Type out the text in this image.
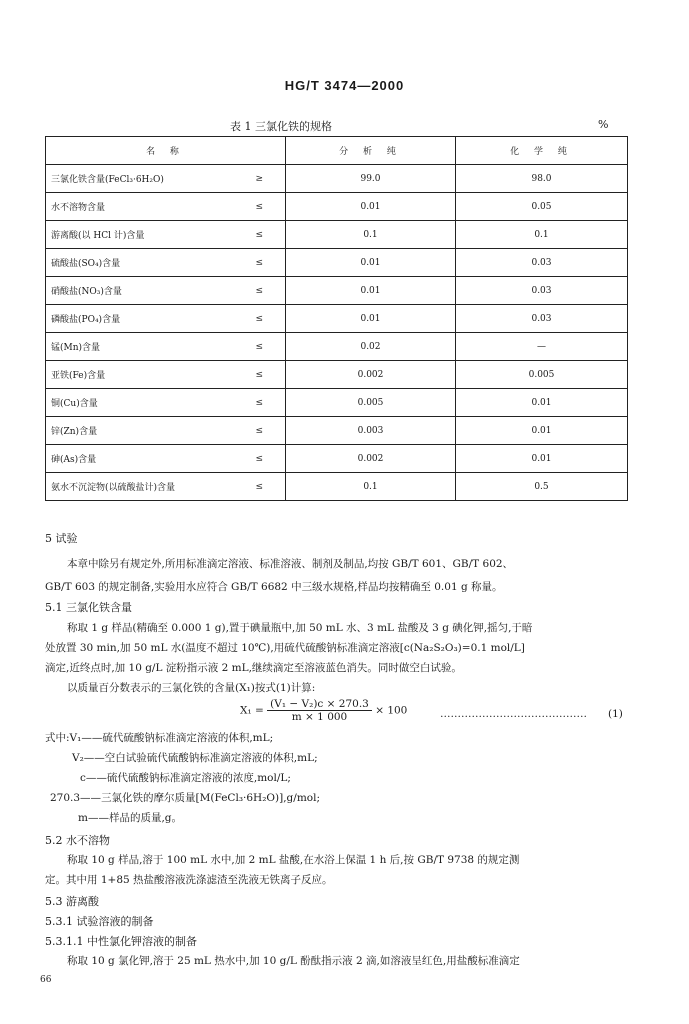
HG/T 3474—2000
表 1 三氯化铁的规格	%
名 称		分 析 纯	化 学 纯
三氯化铁含量(FeCl₃·6H₂O)	≥	99.0	98.0
水不溶物含量	≤	0.01	0.05
游离酸(以 HCl 计)含量	≤	0.1	0.1
硫酸盐(SO₄)含量	≤	0.01	0.03
硝酸盐(NO₃)含量	≤	0.01	0.03
磷酸盐(PO₄)含量	≤	0.01	0.03
锰(Mn)含量	≤	0.02	—
亚铁(Fe)含量	≤	0.002	0.005
铜(Cu)含量	≤	0.005	0.01
锌(Zn)含量	≤	0.003	0.01
砷(As)含量	≤	0.002	0.01
氨水不沉淀物(以硫酸盐计)含量	≤	0.1	0.5
5 试验
本章中除另有规定外,所用标准滴定溶液、标准溶液、制剂及制品,均按 GB/T 601、GB/T 602、
GB/T 603 的规定制备,实验用水应符合 GB/T 6682 中三级水规格,样品均按精确至 0.01 g 称量。
5.1 三氯化铁含量
称取 1 g 样品(精确至 0.000 1 g),置于碘量瓶中,加 50 mL 水、3 mL 盐酸及 3 g 碘化钾,摇匀,于暗
处放置 30 min,加 50 mL 水(温度不超过 10℃),用硫代硫酸钠标准滴定溶液[c(Na₂S₂O₃)=0.1 mol/L]
滴定,近终点时,加 10 g/L 淀粉指示液 2 mL,继续滴定至溶液蓝色消失。同时做空白试验。
以质量百分数表示的三氯化铁的含量(X₁)按式(1)计算:
$X_1 = \frac{\text{(V₁ − V₂)c × 270.3}}{m \times 1 000} \times 100$	…………………………………… (1)
式中:V₁——硫代硫酸钠标准滴定溶液的体积,mL;
V₂——空白试验硫代硫酸钠标准滴定溶液的体积,mL;
c——硫代硫酸钠标准滴定溶液的浓度,mol/L;
270.3——三氯化铁的摩尔质量[M(FeCl₃·6H₂O)],g/mol;
m——样品的质量,g。
5.2 水不溶物
称取 10 g 样品,溶于 100 mL 水中,加 2 mL 盐酸,在水浴上保温 1 h 后,按 GB/T 9738 的规定测
定。其中用 1+85 热盐酸溶液洗涤滤渣至洗液无铁离子反应。
5.3 游离酸
5.3.1 试验溶液的制备
5.3.1.1 中性氯化钾溶液的制备
称取 10 g 氯化钾,溶于 25 mL 热水中,加 10 g/L 酚酞指示液 2 滴,如溶液呈红色,用盐酸标准滴定
66
